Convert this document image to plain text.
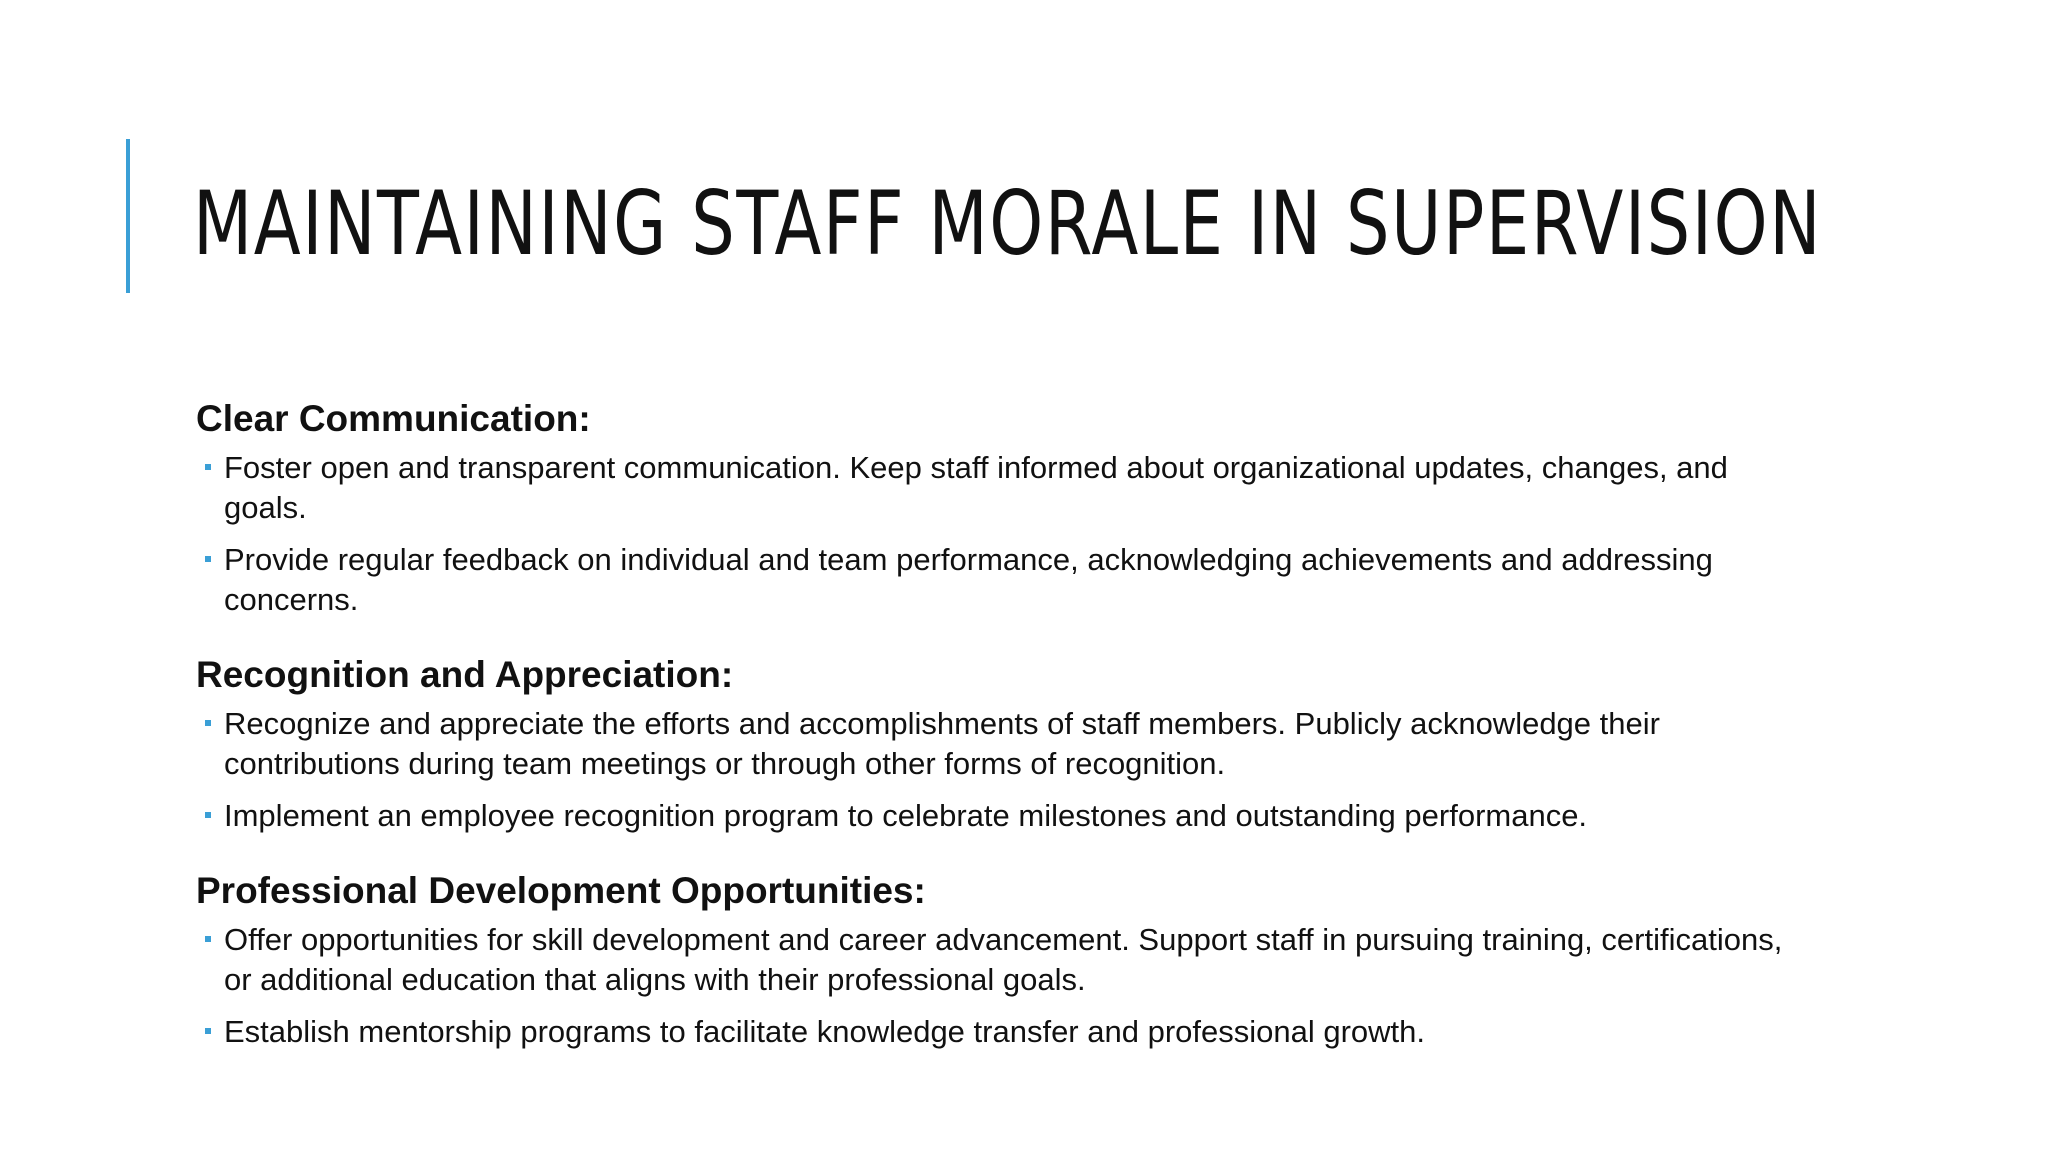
MAINTAINING STAFF MORALE IN SUPERVISION
Clear Communication:
Foster open and transparent communication. Keep staff informed about organizational updates, changes, and goals.
Provide regular feedback on individual and team performance, acknowledging achievements and addressing concerns.
Recognition and Appreciation:
Recognize and appreciate the efforts and accomplishments of staff members. Publicly acknowledge their contributions during team meetings or through other forms of recognition.
Implement an employee recognition program to celebrate milestones and outstanding performance.
Professional Development Opportunities:
Offer opportunities for skill development and career advancement. Support staff in pursuing training, certifications, or additional education that aligns with their professional goals.
Establish mentorship programs to facilitate knowledge transfer and professional growth.
